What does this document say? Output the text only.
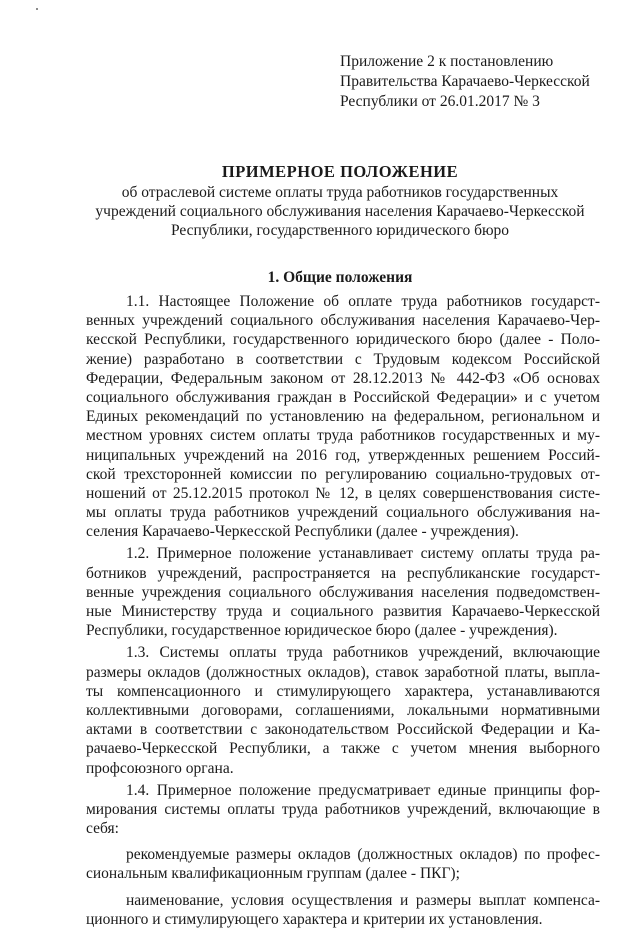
Приложение 2 к постановлению
Правительства Карачаево-Черкесской
Республики от 26.01.2017 № 3
ПРИМЕРНОЕ ПОЛОЖЕНИЕ
об отраслевой системе оплаты труда работников государственных
учреждений социального обслуживания населения Карачаево-Черкесской
Республики, государственного юридического бюро
1. Общие положения
1.1. Настоящее Положение об оплате труда работников государст-
венных учреждений социального обслуживания населения Карачаево-Чер-
кесской Республики, государственного юридического бюро (далее - Поло-
жение) разработано в соответствии с Трудовым кодексом Российской
Федерации, Федеральным законом от 28.12.2013 № 442-ФЗ «Об основах
социального обслуживания граждан в Российской Федерации» и с учетом
Единых рекомендаций по установлению на федеральном, региональном и
местном уровнях систем оплаты труда работников государственных и му-
ниципальных учреждений на 2016 год, утвержденных решением Россий-
ской трехсторонней комиссии по регулированию социально-трудовых от-
ношений от 25.12.2015 протокол № 12, в целях совершенствования систе-
мы оплаты труда работников учреждений социального обслуживания на-
селения Карачаево-Черкесской Республики (далее - учреждения).
1.2. Примерное положение устанавливает систему оплаты труда ра-
ботников учреждений, распространяется на республиканские государст-
венные учреждения социального обслуживания населения подведомствен-
ные Министерству труда и социального развития Карачаево-Черкесской
Республики, государственное юридическое бюро (далее - учреждения).
1.3. Системы оплаты труда работников учреждений, включающие
размеры окладов (должностных окладов), ставок заработной платы, выпла-
ты компенсационного и стимулирующего характера, устанавливаются
коллективными договорами, соглашениями, локальными нормативными
актами в соответствии с законодательством Российской Федерации и Ка-
рачаево-Черкесской Республики, а также с учетом мнения выборного
профсоюзного органа.
1.4. Примерное положение предусматривает единые принципы фор-
мирования системы оплаты труда работников учреждений, включающие в
себя:
рекомендуемые размеры окладов (должностных окладов) по профес-
сиональным квалификационным группам (далее - ПКГ);
наименование, условия осуществления и размеры выплат компенса-
ционного и стимулирующего характера и критерии их установления.
